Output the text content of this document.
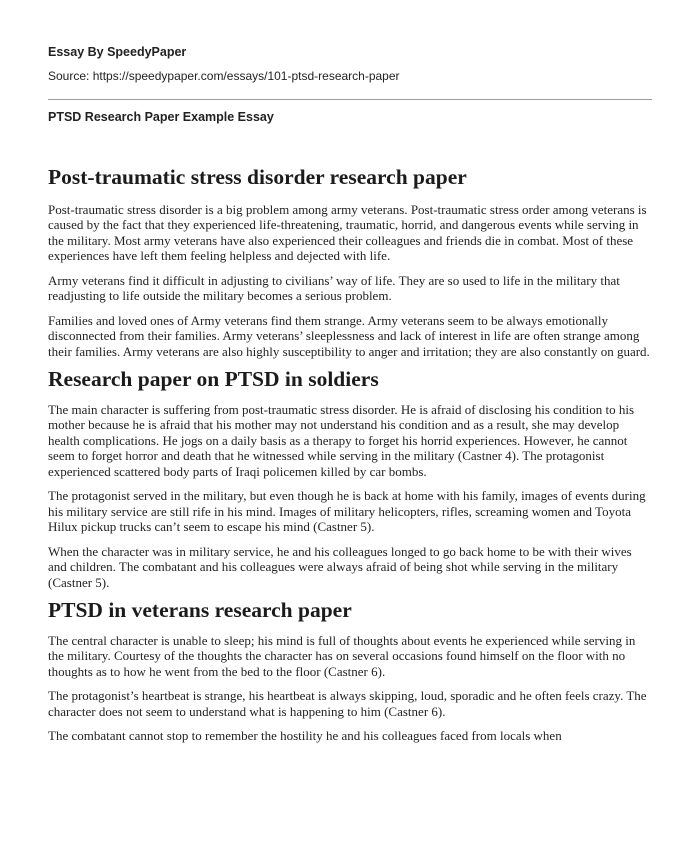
Essay By SpeedyPaper
Source: https://speedypaper.com/essays/101-ptsd-research-paper
PTSD Research Paper Example Essay
Post-traumatic stress disorder research paper

Post-traumatic stress disorder is a big problem among army veterans. Post-traumatic stress order among veterans is caused by the fact that they experienced life-threatening, traumatic, horrid, and dangerous events while serving in the military. Most army veterans have also experienced their colleagues and friends die in combat. Most of these experiences have left them feeling helpless and dejected with life.

Army veterans find it difficult in adjusting to civilians’ way of life. They are so used to life in the military that readjusting to life outside the military becomes a serious problem.

Families and loved ones of Army veterans find them strange. Army veterans seem to be always emotionally disconnected from their families. Army veterans’ sleeplessness and lack of interest in life are often strange among their families. Army veterans are also highly susceptibility to anger and irritation; they are also constantly on guard.

Research paper on PTSD in soldiers

The main character is suffering from post-traumatic stress disorder. He is afraid of disclosing his condition to his mother because he is afraid that his mother may not understand his condition and as a result, she may develop health complications. He jogs on a daily basis as a therapy to forget his horrid experiences. However, he cannot seem to forget horror and death that he witnessed while serving in the military (Castner 4). The protagonist experienced scattered body parts of Iraqi policemen killed by car bombs.

The protagonist served in the military, but even though he is back at home with his family, images of events during his military service are still rife in his mind. Images of military helicopters, rifles, screaming women and Toyota Hilux pickup trucks can’t seem to escape his mind (Castner 5).

When the character was in military service, he and his colleagues longed to go back home to be with their wives and children. The combatant and his colleagues were always afraid of being shot while serving in the military (Castner 5).

PTSD in veterans research paper

The central character is unable to sleep; his mind is full of thoughts about events he experienced while serving in the military. Courtesy of the thoughts the character has on several occasions found himself on the floor with no thoughts as to how he went from the bed to the floor (Castner 6).

The protagonist’s heartbeat is strange, his heartbeat is always skipping, loud, sporadic and he often feels crazy. The character does not seem to understand what is happening to him (Castner 6).

The combatant cannot stop to remember the hostility he and his colleagues faced from locals when
